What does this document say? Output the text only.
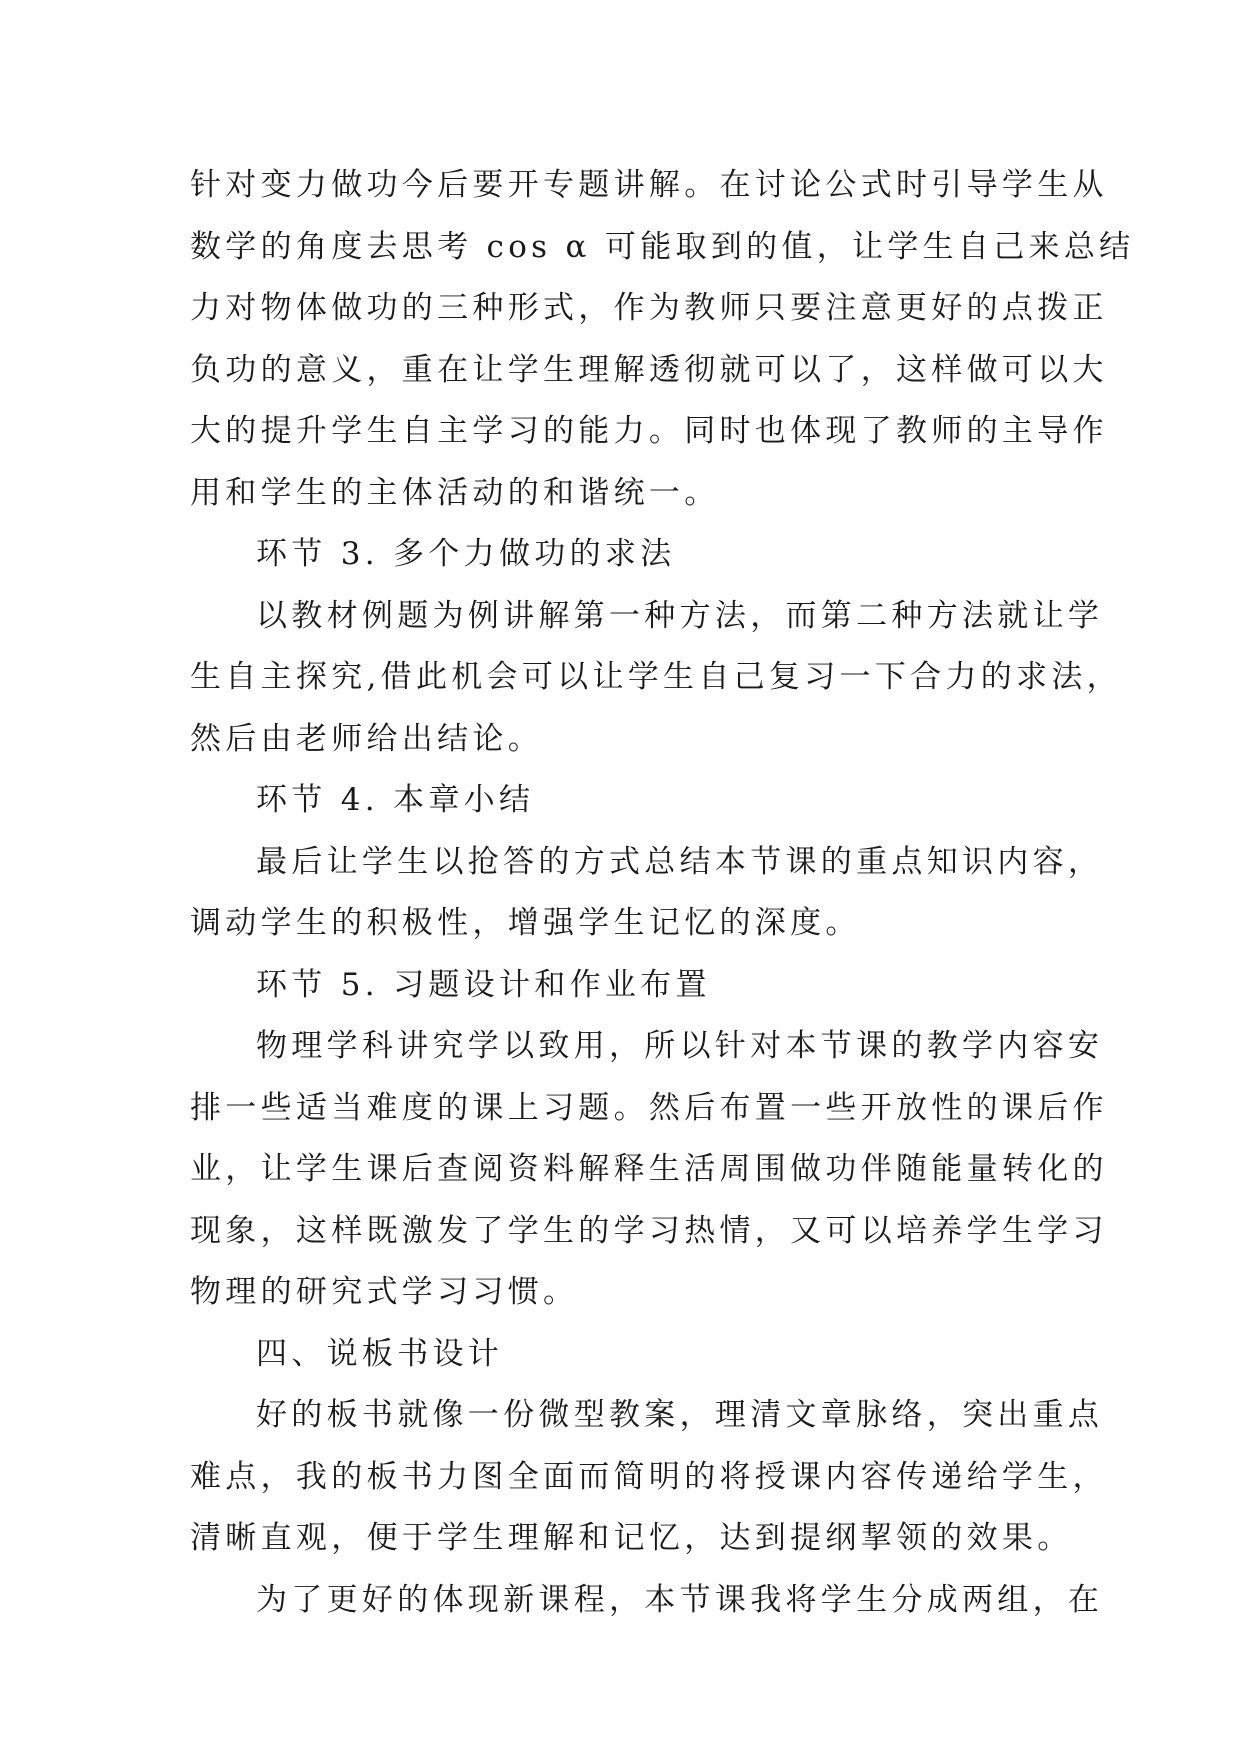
针对变力做功今后要开专题讲解。在讨论公式时引导学生从
数学的角度去思考 cos α 可能取到的值，让学生自己来总结
力对物体做功的三种形式，作为教师只要注意更好的点拨正
负功的意义，重在让学生理解透彻就可以了，这样做可以大
大的提升学生自主学习的能力。同时也体现了教师的主导作
用和学生的主体活动的和谐统一。
环节 3. 多个力做功的求法
以教材例题为例讲解第一种方法，而第二种方法就让学
生自主探究,借此机会可以让学生自己复习一下合力的求法，
然后由老师给出结论。
环节 4. 本章小结
最后让学生以抢答的方式总结本节课的重点知识内容，
调动学生的积极性，增强学生记忆的深度。
环节 5. 习题设计和作业布置
物理学科讲究学以致用，所以针对本节课的教学内容安
排一些适当难度的课上习题。然后布置一些开放性的课后作
业，让学生课后查阅资料解释生活周围做功伴随能量转化的
现象，这样既激发了学生的学习热情，又可以培养学生学习
物理的研究式学习习惯。
四、说板书设计
好的板书就像一份微型教案，理清文章脉络，突出重点
难点，我的板书力图全面而简明的将授课内容传递给学生，
清晰直观，便于学生理解和记忆，达到提纲挈领的效果。
为了更好的体现新课程，本节课我将学生分成两组，在
